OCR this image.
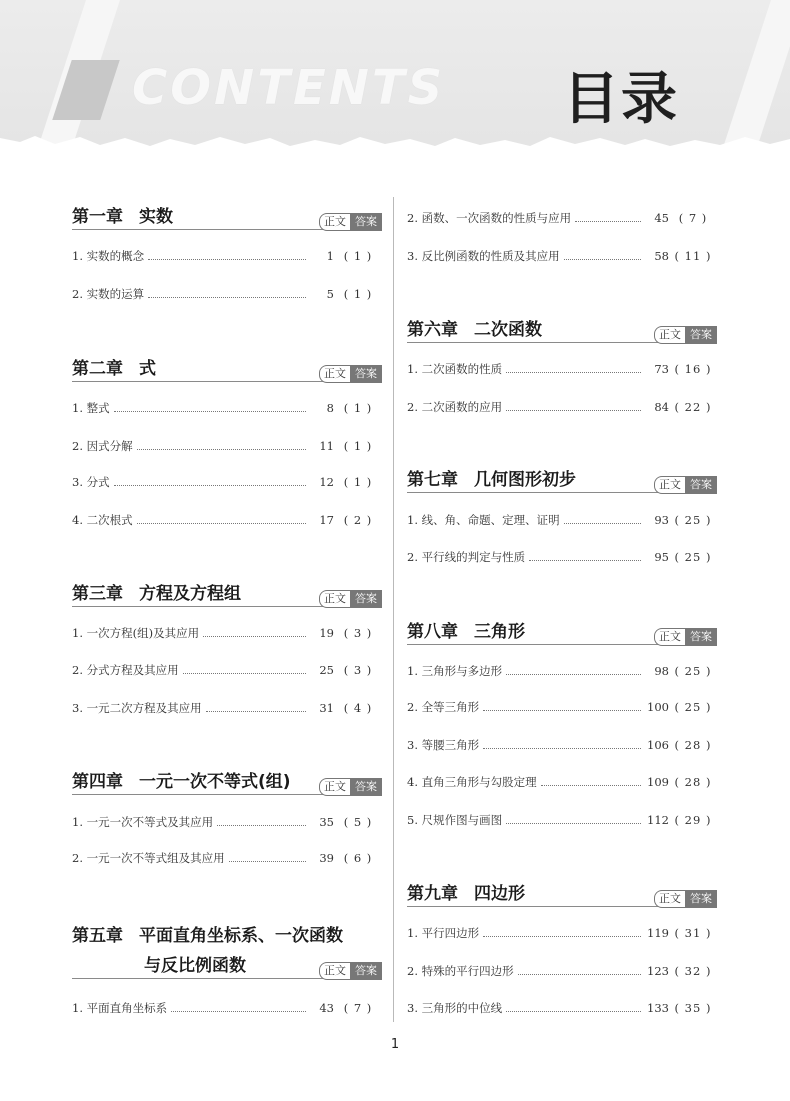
CONTENTS 目录
第一章 实数	正文 答案
1. 实数的概念	1 ( 1 )
2. 实数的运算	5 ( 1 )
第二章 式	正文 答案
1. 整式	8 ( 1 )
2. 因式分解	11 ( 1 )
3. 分式	12 ( 1 )
4. 二次根式	17 ( 2 )
第三章 方程及方程组	正文 答案
1. 一次方程(组)及其应用	19 ( 3 )
2. 分式方程及其应用	25 ( 3 )
3. 一元二次方程及其应用	31 ( 4 )
第四章 一元一次不等式(组)	正文 答案
1. 一元一次不等式及其应用	35 ( 5 )
2. 一元一次不等式组及其应用	39 ( 6 )
第五章 平面直角坐标系、一次函数
与反比例函数	正文 答案
1. 平面直角坐标系	43 ( 7 )
2. 函数、一次函数的性质与应用	45 ( 7 )
3. 反比例函数的性质及其应用	58 ( 11 )
第六章 二次函数	正文 答案
1. 二次函数的性质	73 ( 16 )
2. 二次函数的应用	84 ( 22 )
第七章 几何图形初步	正文 答案
1. 线、角、命题、定理、证明	93 ( 25 )
2. 平行线的判定与性质	95 ( 25 )
第八章 三角形	正文 答案
1. 三角形与多边形	98 ( 25 )
2. 全等三角形	100 ( 25 )
3. 等腰三角形	106 ( 28 )
4. 直角三角形与勾股定理	109 ( 28 )
5. 尺规作图与画图	112 ( 29 )
第九章 四边形	正文 答案
1. 平行四边形	119 ( 31 )
2. 特殊的平行四边形	123 ( 32 )
3. 三角形的中位线	133 ( 35 )
1
